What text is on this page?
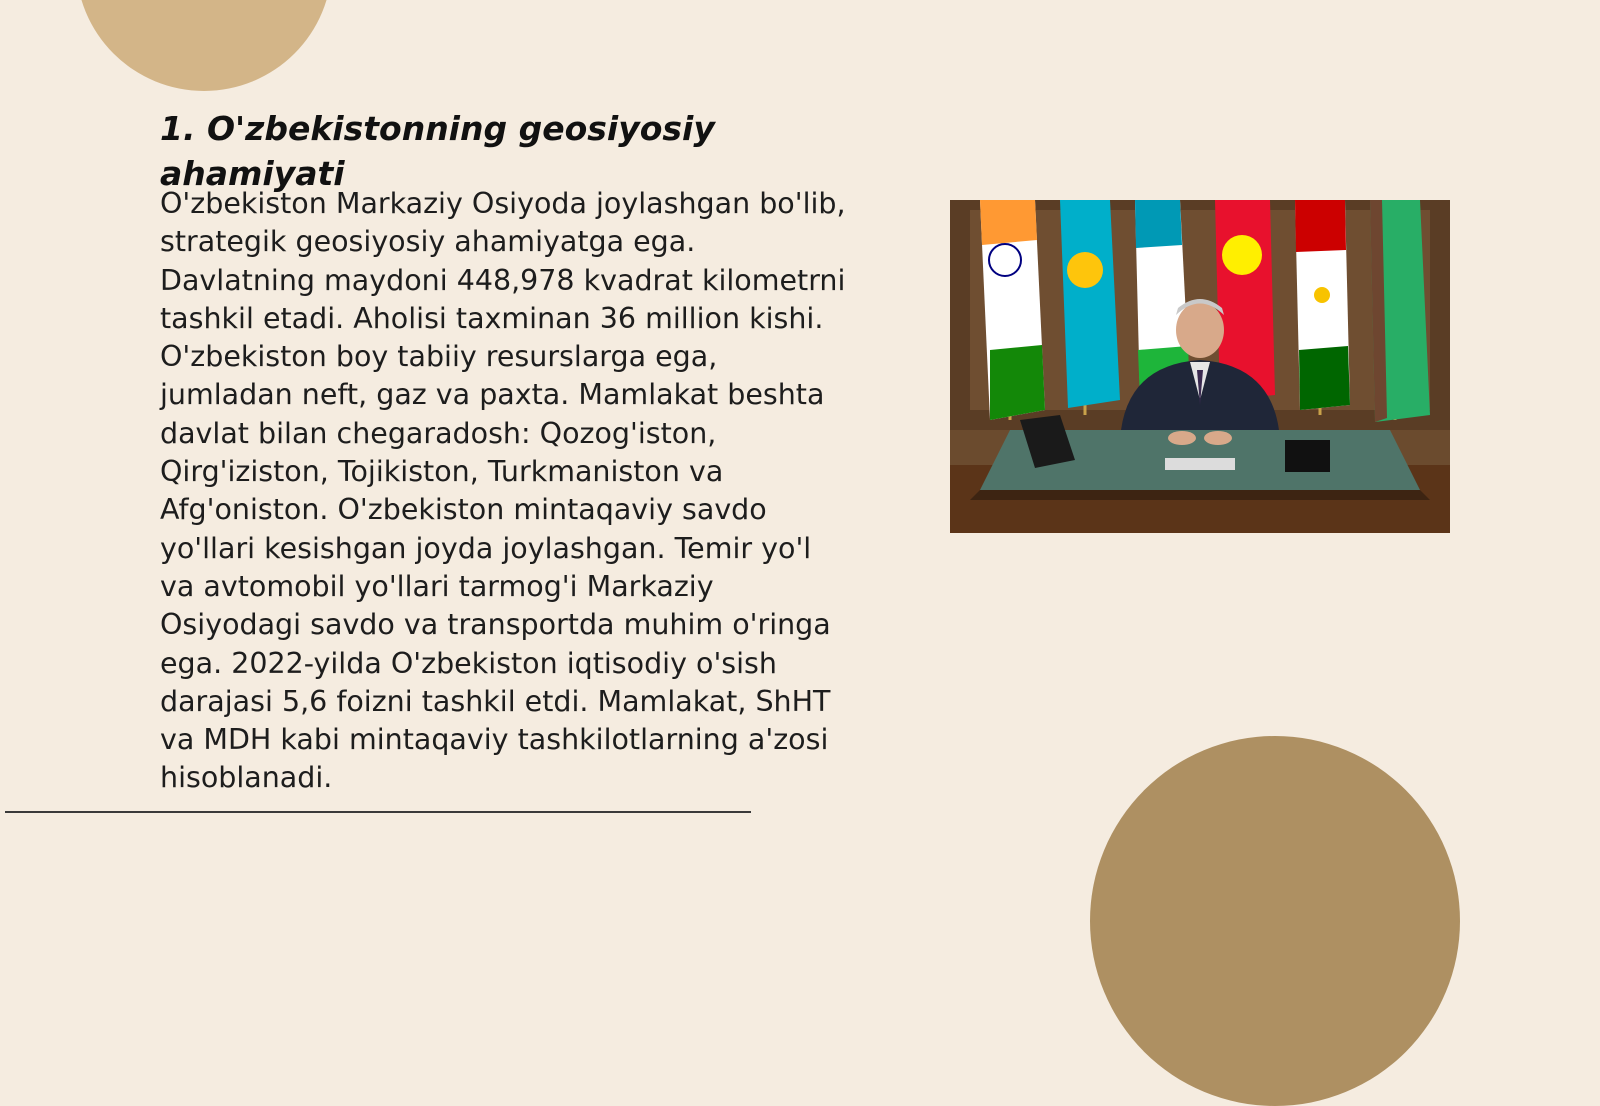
1. O'zbekistonning geosiyosiy ahamiyati

O'zbekiston Markaziy Osiyoda joylashgan bo'lib, strategik geosiyosiy ahamiyatga ega. Davlatning maydoni 448,978 kvadrat kilometrni tashkil etadi. Aholisi taxminan 36 million kishi. O'zbekiston boy tabiiy resurslarga ega, jumladan neft, gaz va paxta. Mamlakat beshta davlat bilan chegaradosh: Qozog'iston, Qirg'iziston, Tojikiston, Turkmaniston va Afg'oniston. O'zbekiston mintaqaviy savdo yo'llari kesishgan joyda joylashgan. Temir yo'l va avtomobil yo'llari tarmog'i Markaziy Osiyodagi savdo va transportda muhim o'ringa ega. 2022-yilda O'zbekiston iqtisodiy o'sish darajasi 5,6 foizni tashkil etdi. Mamlakat, ShHT va MDH kabi mintaqaviy tashkilotlarning a'zosi hisoblanadi.
